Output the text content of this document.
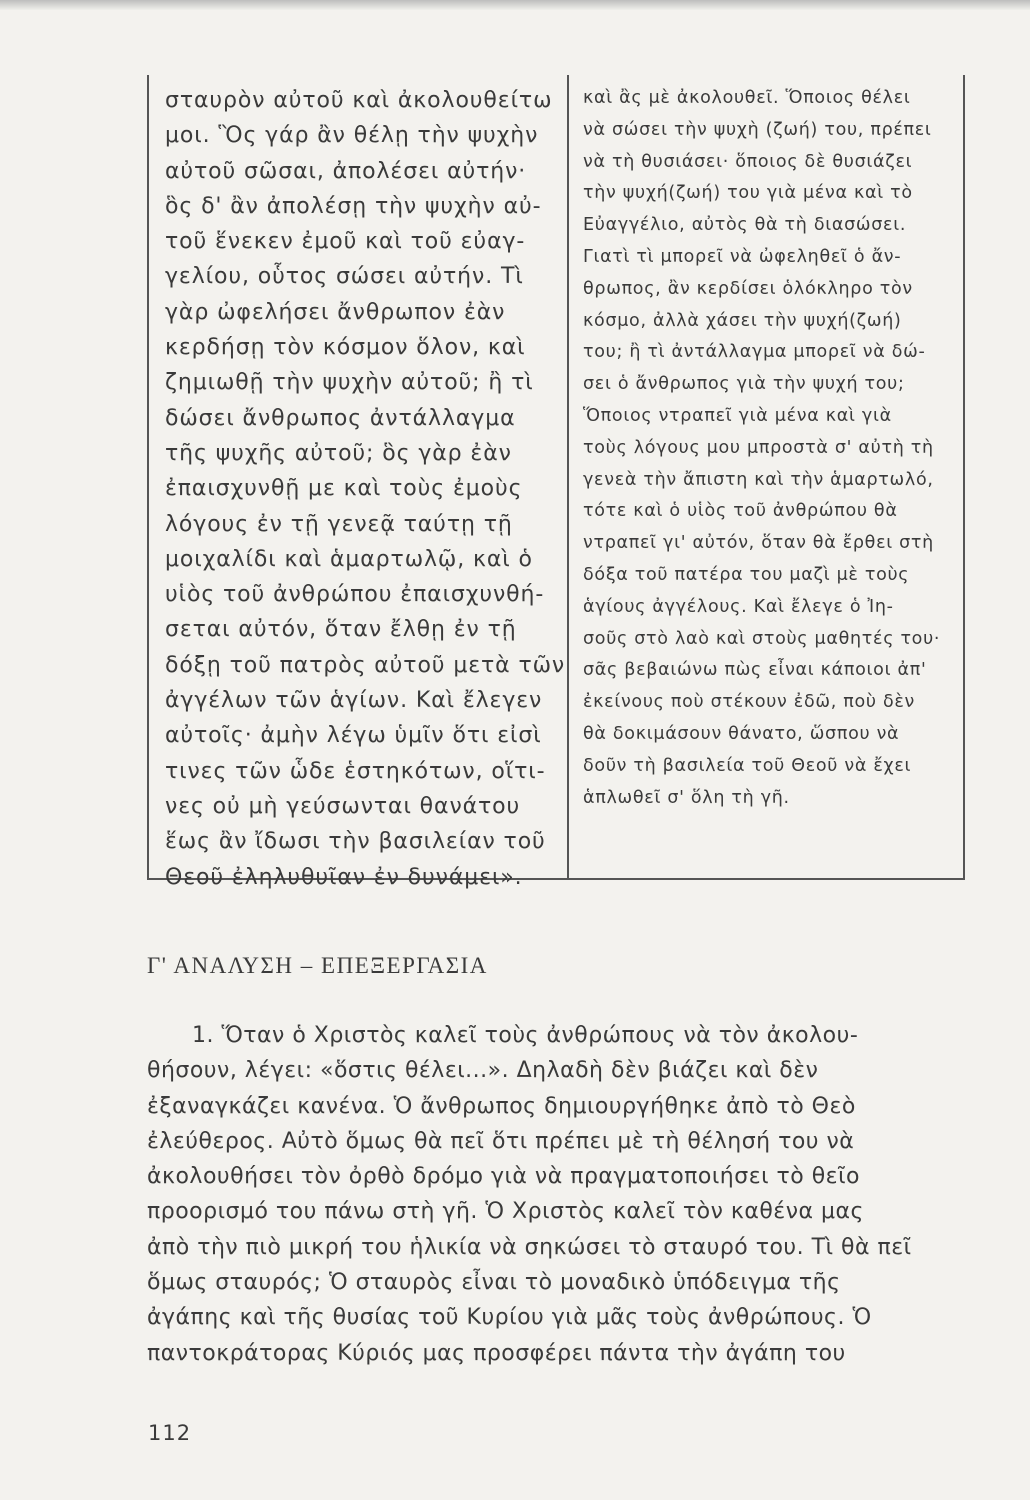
σταυρὸν αὐτοῦ καὶ ἀκολουθείτω
μοι. Ὃς γάρ ἂν θέλῃ τὴν ψυχὴν
αὐτοῦ σῶσαι, ἀπολέσει αὐτήν·
ὃς δ' ἂν ἀπολέσῃ τὴν ψυχὴν αὐ-
τοῦ ἕνεκεν ἐμοῦ καὶ τοῦ εὐαγ-
γελίου, οὗτος σώσει αὐτήν. Τὶ
γὰρ ὠφελήσει ἄνθρωπον ἐὰν
κερδήσῃ τὸν κόσμον ὅλον, καὶ
ζημιωθῇ τὴν ψυχὴν αὐτοῦ; ἢ τὶ
δώσει ἄνθρωπος ἀντάλλαγμα
τῆς ψυχῆς αὐτοῦ; ὃς γὰρ ἐὰν
ἐπαισχυνθῇ με καὶ τοὺς ἐμοὺς
λόγους ἐν τῇ γενεᾷ ταύτῃ τῇ
μοιχαλίδι καὶ ἁμαρτωλῷ, καὶ ὁ
υἱὸς τοῦ ἀνθρώπου ἐπαισχυνθή-
σεται αὐτόν, ὅταν ἔλθῃ ἐν τῇ
δόξῃ τοῦ πατρὸς αὐτοῦ μετὰ τῶν
ἀγγέλων τῶν ἁγίων. Καὶ ἔλεγεν
αὐτοῖς· ἀμὴν λέγω ὑμῖν ὅτι εἰσὶ
τινες τῶν ὧδε ἑστηκότων, οἵτι-
νες οὐ μὴ γεύσωνται θανάτου
ἕως ἂν ἴδωσι τὴν βασιλείαν τοῦ
Θεοῦ ἐληλυθυῖαν ἐν δυνάμει».
καὶ ἂς μὲ ἀκολουθεῖ. Ὅποιος θέλει
νὰ σώσει τὴν ψυχὴ (ζωή) του, πρέπει
νὰ τὴ θυσιάσει· ὅποιος δὲ θυσιάζει
τὴν ψυχή(ζωή) του γιὰ μένα καὶ τὸ
Εὐαγγέλιο, αὐτὸς θὰ τὴ διασώσει.
Γιατὶ τὶ μπορεῖ νὰ ὠφεληθεῖ ὁ ἄν-
θρωπος, ἂν κερδίσει ὁλόκληρο τὸν
κόσμο, ἀλλὰ χάσει τὴν ψυχή(ζωή)
του; ἢ τὶ ἀντάλλαγμα μπορεῖ νὰ δώ-
σει ὁ ἄνθρωπος γιὰ τὴν ψυχή του;
Ὅποιος ντραπεῖ γιὰ μένα καὶ γιὰ
τοὺς λόγους μου μπροστὰ σ' αὐτὴ τὴ
γενεὰ τὴν ἄπιστη καὶ τὴν ἁμαρτωλό,
τότε καὶ ὁ υἱὸς τοῦ ἀνθρώπου θὰ
ντραπεῖ γι' αὐτόν, ὅταν θὰ ἔρθει στὴ
δόξα τοῦ πατέρα του μαζὶ μὲ τοὺς
ἁγίους ἀγγέλους. Καὶ ἔλεγε ὁ Ἰη-
σοῦς στὸ λαὸ καὶ στοὺς μαθητές του·
σᾶς βεβαιώνω πὼς εἶναι κάποιοι ἀπ'
ἐκείνους ποὺ στέκουν ἐδῶ, ποὺ δὲν
θὰ δοκιμάσουν θάνατο, ὥσπου νὰ
δοῦν τὴ βασιλεία τοῦ Θεοῦ νὰ ἔχει
ἁπλωθεῖ σ' ὅλη τὴ γῆ.
Γ' ΑΝΑΛΥΣΗ – ΕΠΕΞΕΡΓΑΣΙΑ
1. Ὅταν ὁ Χριστὸς καλεῖ τοὺς ἀνθρώπους νὰ τὸν ἀκολου-
θήσουν, λέγει: «ὅστις θέλει...». Δηλαδὴ δὲν βιάζει καὶ δὲν
ἐξαναγκάζει κανένα. Ὁ ἄνθρωπος δημιουργήθηκε ἀπὸ τὸ Θεὸ
ἐλεύθερος. Αὐτὸ ὅμως θὰ πεῖ ὅτι πρέπει μὲ τὴ θέλησή του νὰ
ἀκολουθήσει τὸν ὀρθὸ δρόμο γιὰ νὰ πραγματοποιήσει τὸ θεῖο
προορισμό του πάνω στὴ γῆ. Ὁ Χριστὸς καλεῖ τὸν καθένα μας
ἀπὸ τὴν πιὸ μικρή του ἡλικία νὰ σηκώσει τὸ σταυρό του. Τὶ θὰ πεῖ
ὅμως σταυρός; Ὁ σταυρὸς εἶναι τὸ μοναδικὸ ὑπόδειγμα τῆς
ἀγάπης καὶ τῆς θυσίας τοῦ Κυρίου γιὰ μᾶς τοὺς ἀνθρώπους. Ὁ
παντοκράτορας Κύριός μας προσφέρει πάντα τὴν ἀγάπη του
112
